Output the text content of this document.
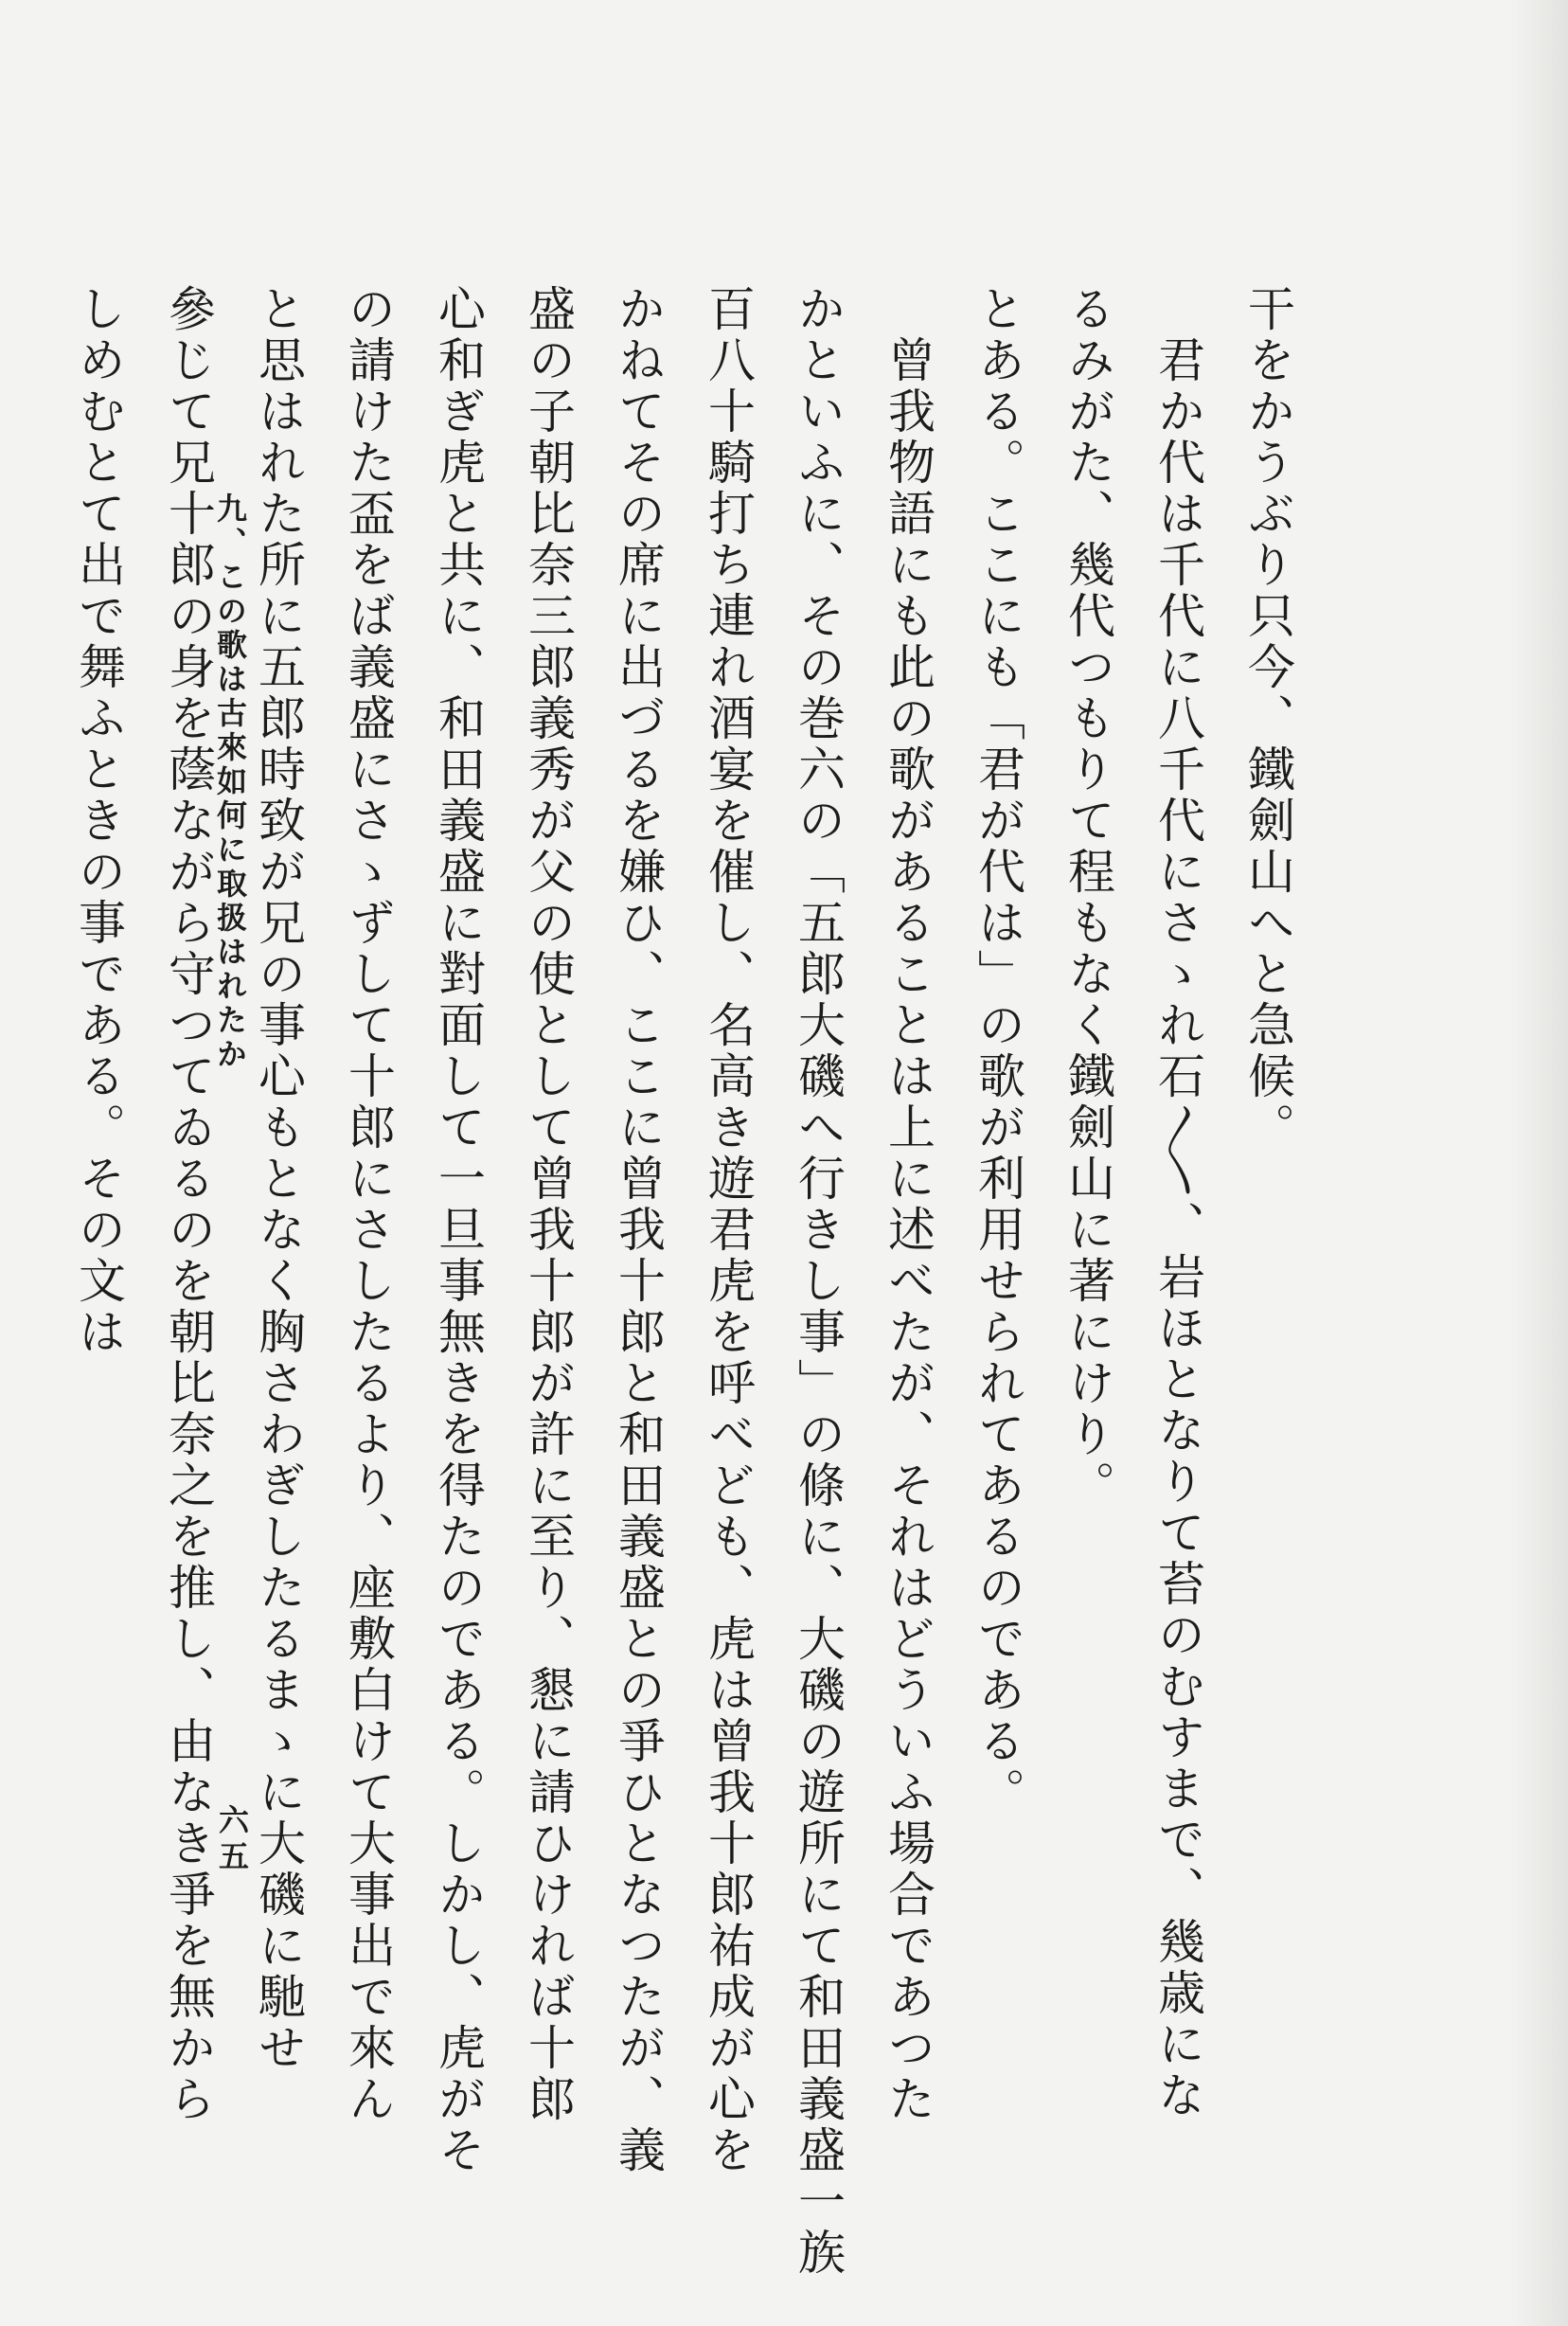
干をかうぶり只今、鐵劍山へと急候。
　君か代は千代に八千代にさゝれ石〳〵、岩ほとなりて苔のむすまで、幾歳にな
るみがた、幾代つもりて程もなく鐵劍山に著にけり。
とある。ここにも「君が代は」の歌が利用せられてあるのである。
　曾我物語にも此の歌があることは上に述べたが、それはどういふ場合であつた
かといふに、その巻六の「五郎大磯へ行きし事」の條に、大磯の遊所にて和田義盛一族
百八十騎打ち連れ酒宴を催し、名高き遊君虎を呼べども、虎は曾我十郎祐成が心を
かねてその席に出づるを嫌ひ、ここに曾我十郎と和田義盛との爭ひとなつたが、義
盛の子朝比奈三郎義秀が父の使として曾我十郎が許に至り、懇に請ひければ十郎
心和ぎ虎と共に、和田義盛に對面して一旦事無きを得たのである。しかし、虎がそ
の請けた盃をば義盛にさゝずして十郎にさしたるより、座敷白けて大事出で來ん
と思はれた所に五郎時致が兄の事心もとなく胸さわぎしたるまゝに大磯に馳せ
參じて兄十郎の身を蔭ながら守つてゐるのを朝比奈之を推し、由なき爭を無から
しめむとて出で舞ふときの事である。その文は	九、この歌は古來如何に取扱はれたか
六五
